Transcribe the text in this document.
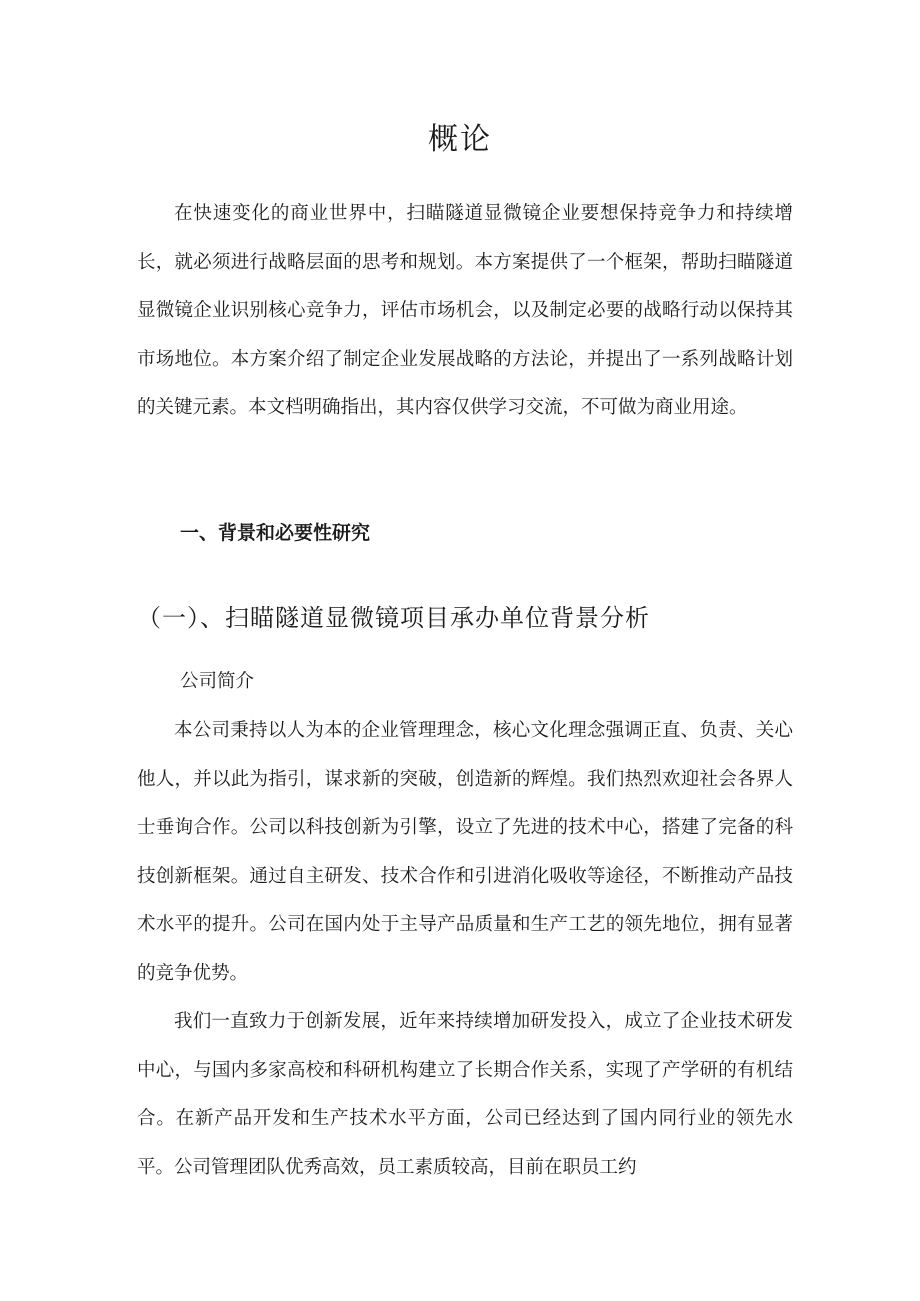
概论

在快速变化的商业世界中，扫瞄隧道显微镜企业要想保持竞争力和持续增长，就必须进行战略层面的思考和规划。本方案提供了一个框架，帮助扫瞄隧道显微镜企业识别核心竞争力，评估市场机会，以及制定必要的战略行动以保持其市场地位。本方案介绍了制定企业发展战略的方法论，并提出了一系列战略计划的关键元素。本文档明确指出，其内容仅供学习交流，不可做为商业用途。

一、背景和必要性研究
（一）、扫瞄隧道显微镜项目承办单位背景分析
公司简介

本公司秉持以人为本的企业管理理念，核心文化理念强调正直、负责、关心他人，并以此为指引，谋求新的突破，创造新的辉煌。我们热烈欢迎社会各界人士垂询合作。公司以科技创新为引擎，设立了先进的技术中心，搭建了完备的科技创新框架。通过自主研发、技术合作和引进消化吸收等途径，不断推动产品技术水平的提升。公司在国内处于主导产品质量和生产工艺的领先地位，拥有显著的竞争优势。

我们一直致力于创新发展，近年来持续增加研发投入，成立了企业技术研发中心，与国内多家高校和科研机构建立了长期合作关系，实现了产学研的有机结合。在新产品开发和生产技术水平方面，公司已经达到了国内同行业的领先水平。公司管理团队优秀高效，员工素质较高，目前在职员工约
